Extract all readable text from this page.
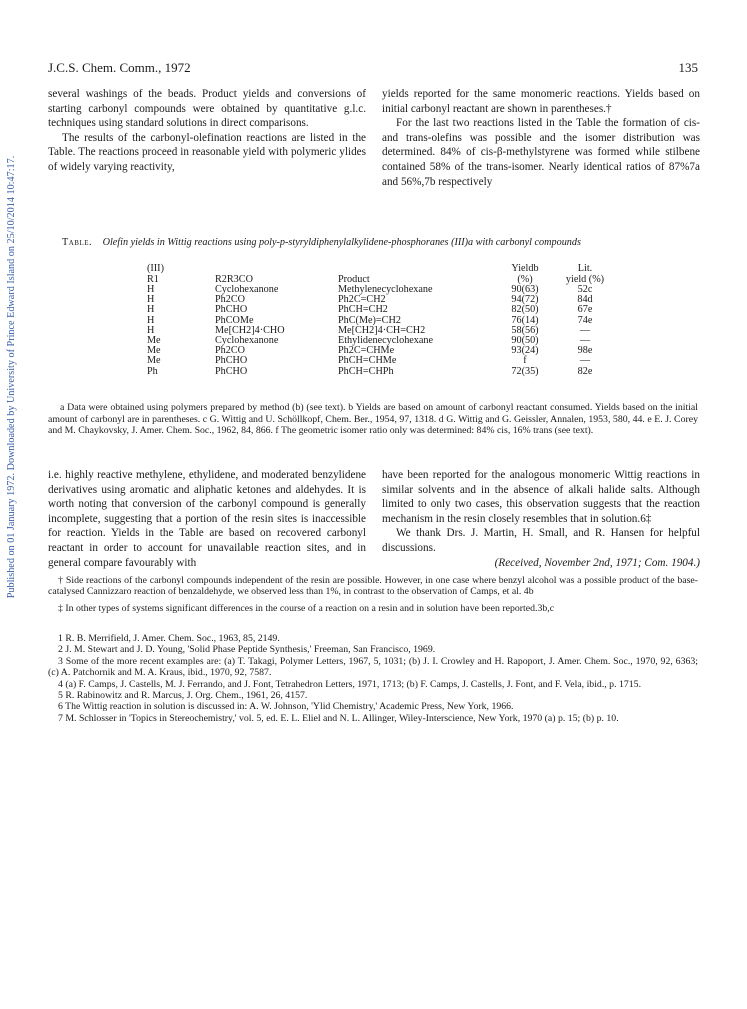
Published on 01 January 1972. Downloaded by University of Prince Edward Island on 25/10/2014 10:47:17.
J.C.S. Chem. Comm., 1972	135

several washings of the beads. Product yields and conversions of starting carbonyl compounds were obtained by quantitative g.l.c. techniques using standard solutions in direct comparisons.

The results of the carbonyl-olefination reactions are listed in the Table. The reactions proceed in reasonable yield with polymeric ylides of widely varying reactivity,

yields reported for the same monomeric reactions. Yields based on initial carbonyl reactant are shown in parentheses.†

For the last two reactions listed in the Table the formation of cis- and trans-olefins was possible and the isomer distribution was determined. 84% of cis-β-methylstyrene was formed while stilbene contained 58% of the trans-isomer. Nearly identical ratios of 87%7a and 56%,7b respectively

Table. Olefin yields in Wittig reactions using poly-p-styryldiphenylalkylidene-phosphoranes (III)a with carbonyl compounds
(III)			Yieldb	Lit.
R1	R2R3CO	Product	(%)	yield (%)
H	Cyclohexanone	Methylenecyclohexane	90(63)	52c
H	Ph2CO	Ph2C=CH2	94(72)	84d
H	PhCHO	PhCH=CH2	82(50)	67e
H	PhCOMe	PhC(Me)=CH2	76(14)	74e
H	Me[CH2]4·CHO	Me[CH2]4·CH=CH2	58(56)	—
Me	Cyclohexanone	Ethylidenecyclohexane	90(50)	—
Me	Ph2CO	Ph2C=CHMe	93(24)	98e
Me	PhCHO	PhCH=CHMe	f	—
Ph	PhCHO	PhCH=CHPh	72(35)	82e

a Data were obtained using polymers prepared by method (b) (see text). b Yields are based on amount of carbonyl reactant consumed. Yields based on the initial amount of carbonyl are in parentheses. c G. Wittig and U. Schöllkopf, Chem. Ber., 1954, 97, 1318. d G. Wittig and G. Geissler, Annalen, 1953, 580, 44. e E. J. Corey and M. Chaykovsky, J. Amer. Chem. Soc., 1962, 84, 866. f The geometric isomer ratio only was determined: 84% cis, 16% trans (see text).

i.e. highly reactive methylene, ethylidene, and moderated benzylidene derivatives using aromatic and aliphatic ketones and aldehydes. It is worth noting that conversion of the carbonyl compound is generally incomplete, suggesting that a portion of the resin sites is inaccessible for reaction. Yields in the Table are based on recovered carbonyl reactant in order to account for unavailable reaction sites, and in general compare favourably with

have been reported for the analogous monomeric Wittig reactions in similar solvents and in the absence of alkali halide salts. Although limited to only two cases, this observation suggests that the reaction mechanism in the resin closely resembles that in solution.6‡

We thank Drs. J. Martin, H. Small, and R. Hansen for helpful discussions.

(Received, November 2nd, 1971; Com. 1904.)

† Side reactions of the carbonyl compounds independent of the resin are possible. However, in one case where benzyl alcohol was a possible product of the base-catalysed Cannizzaro reaction of benzaldehyde, we observed less than 1%, in contrast to the observation of Camps, et al. 4b

‡ In other types of systems significant differences in the course of a reaction on a resin and in solution have been reported.3b,c

1 R. B. Merrifield, J. Amer. Chem. Soc., 1963, 85, 2149.

2 J. M. Stewart and J. D. Young, 'Solid Phase Peptide Synthesis,' Freeman, San Francisco, 1969.

3 Some of the more recent examples are: (a) T. Takagi, Polymer Letters, 1967, 5, 1031; (b) J. I. Crowley and H. Rapoport, J. Amer. Chem. Soc., 1970, 92, 6363; (c) A. Patchornik and M. A. Kraus, ibid., 1970, 92, 7587.

4 (a) F. Camps, J. Castells, M. J. Ferrando, and J. Font, Tetrahedron Letters, 1971, 1713; (b) F. Camps, J. Castells, J. Font, and F. Vela, ibid., p. 1715.

5 R. Rabinowitz and R. Marcus, J. Org. Chem., 1961, 26, 4157.

6 The Wittig reaction in solution is discussed in: A. W. Johnson, 'Ylid Chemistry,' Academic Press, New York, 1966.

7 M. Schlosser in 'Topics in Stereochemistry,' vol. 5, ed. E. L. Eliel and N. L. Allinger, Wiley-Interscience, New York, 1970 (a) p. 15; (b) p. 10.
